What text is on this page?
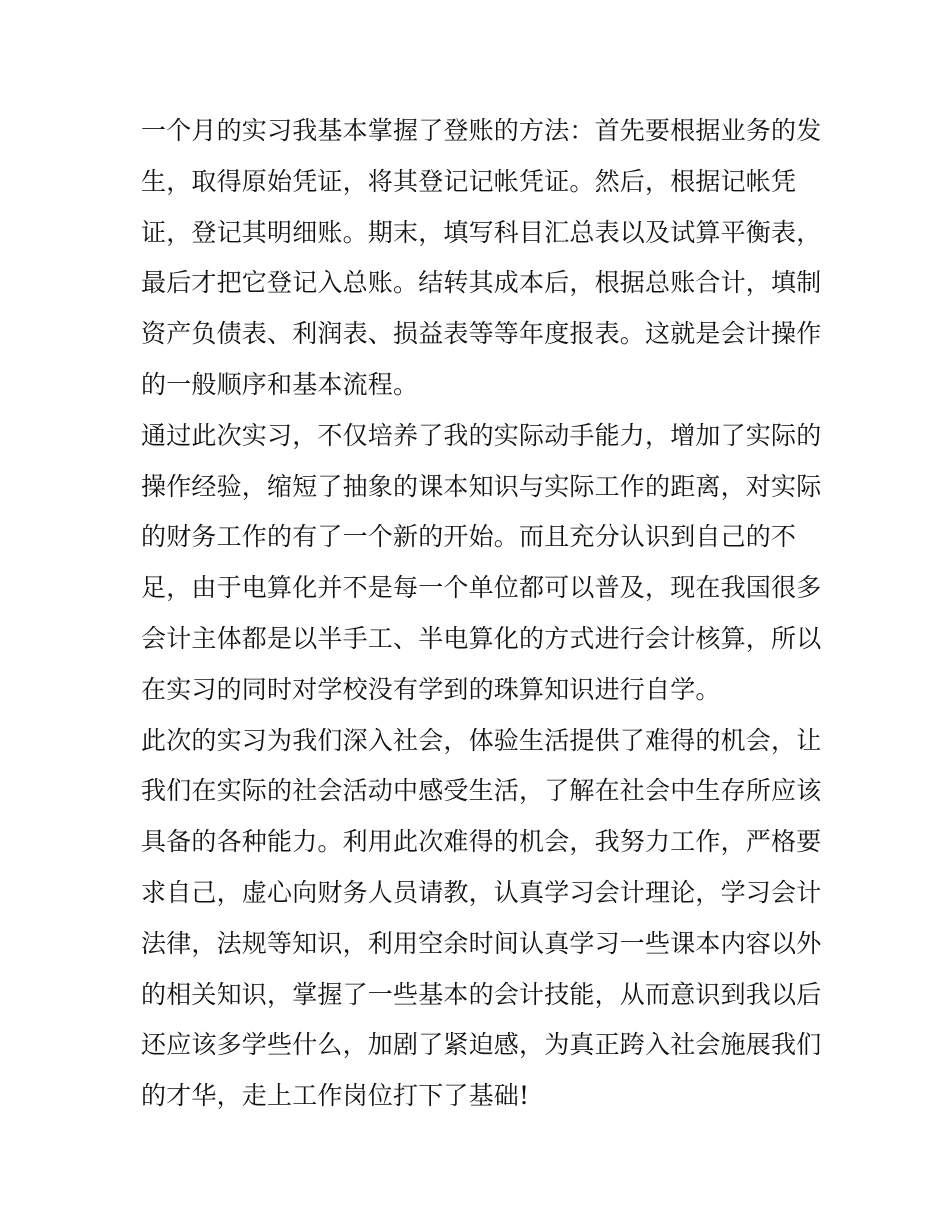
一个月的实习我基本掌握了登账的方法：首先要根据业务的发
生，取得原始凭证，将其登记记帐凭证。然后，根据记帐凭
证，登记其明细账。期末，填写科目汇总表以及试算平衡表，
最后才把它登记入总账。结转其成本后，根据总账合计，填制
资产负债表、利润表、损益表等等年度报表。这就是会计操作
的一般顺序和基本流程。
通过此次实习，不仅培养了我的实际动手能力，增加了实际的
操作经验，缩短了抽象的课本知识与实际工作的距离，对实际
的财务工作的有了一个新的开始。而且充分认识到自己的不
足，由于电算化并不是每一个单位都可以普及，现在我国很多
会计主体都是以半手工、半电算化的方式进行会计核算，所以
在实习的同时对学校没有学到的珠算知识进行自学。
此次的实习为我们深入社会，体验生活提供了难得的机会，让
我们在实际的社会活动中感受生活，了解在社会中生存所应该
具备的各种能力。利用此次难得的机会，我努力工作，严格要
求自己，虚心向财务人员请教，认真学习会计理论，学习会计
法律，法规等知识，利用空余时间认真学习一些课本内容以外
的相关知识，掌握了一些基本的会计技能，从而意识到我以后
还应该多学些什么，加剧了紧迫感，为真正跨入社会施展我们
的才华，走上工作岗位打下了基础!
